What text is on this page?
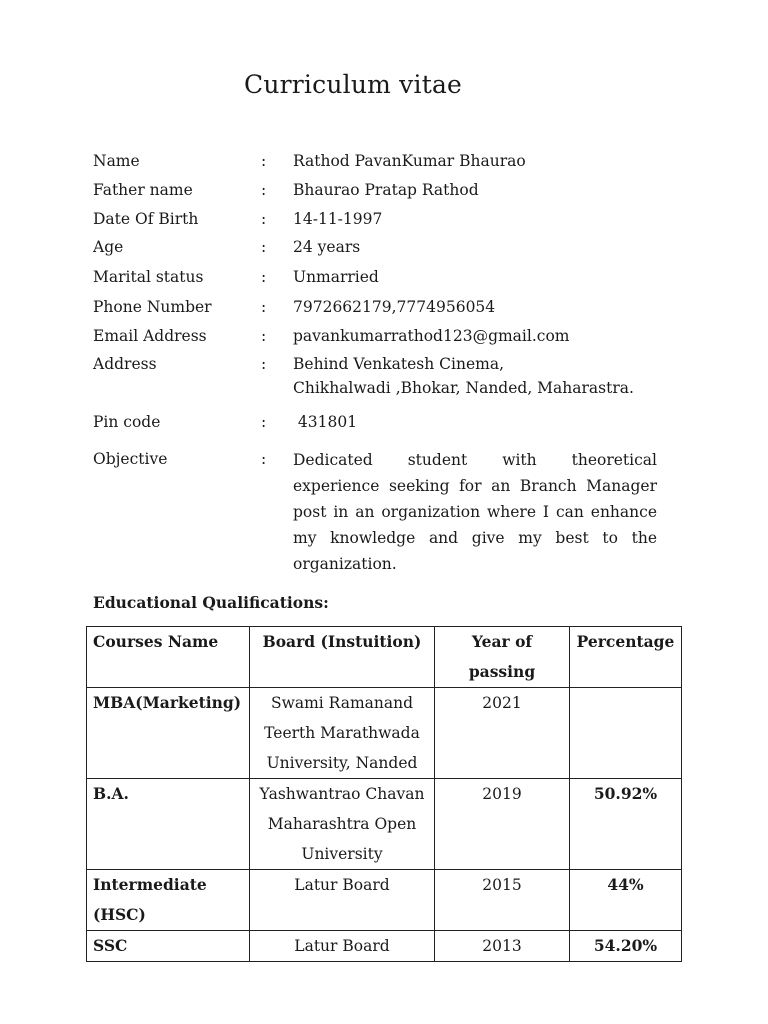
Curriculum vitae
Name	: Rathod PavanKumar Bhaurao
Father name	: Bhaurao Pratap Rathod
Date Of Birth	: 14-11-1997
Age	: 24 years
Marital status	: Unmarried
Phone Number	: 7972662179,7774956054
Email Address	: pavankumarrathod123@gmail.com
Address	: Behind Venkatesh Cinema,
Chikhalwadi ,Bhokar, Nanded, Maharastra.
Pin code	: 431801
Objective	: Dedicated student with theoretical experience seeking for an Branch Manager post in an organization where I can enhance my knowledge and give my best to the organization.
Educational Qualifications:
Courses Name	Board (Instuition)	Year of passing	Percentage
MBA(Marketing)	Swami Ramanand Teerth Marathwada University, Nanded	2021	
B.A.	Yashwantrao Chavan Maharashtra Open University	2019	50.92%
Intermediate (HSC)	Latur Board	2015	44%
SSC	Latur Board	2013	54.20%
